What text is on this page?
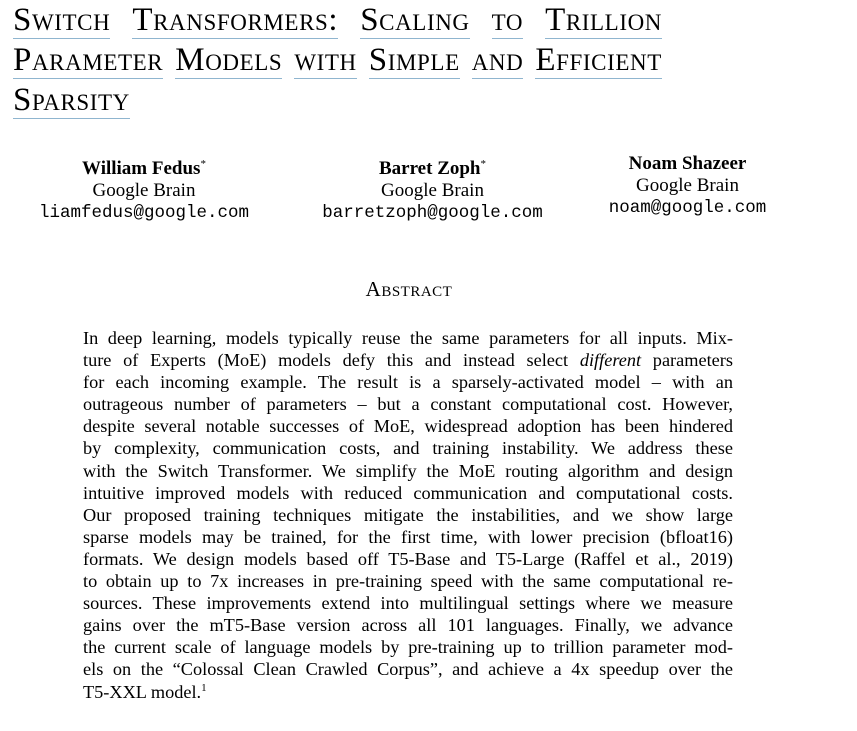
Switch Transformers: Scaling to Trillion
Parameter Models with Simple and Efficient
Sparsity
William Fedus*
Google Brain
liamfedus@google.com
Barret Zoph*
Google Brain
barretzoph@google.com
Noam Shazeer
Google Brain
noam@google.com
Abstract
In deep learning, models typically reuse the same parameters for all inputs. Mix-
ture of Experts (MoE) models defy this and instead select different parameters
for each incoming example. The result is a sparsely-activated model – with an
outrageous number of parameters – but a constant computational cost. However,
despite several notable successes of MoE, widespread adoption has been hindered
by complexity, communication costs, and training instability. We address these
with the Switch Transformer. We simplify the MoE routing algorithm and design
intuitive improved models with reduced communication and computational costs.
Our proposed training techniques mitigate the instabilities, and we show large
sparse models may be trained, for the first time, with lower precision (bfloat16)
formats. We design models based off T5-Base and T5-Large (Raffel et al., 2019)
to obtain up to 7x increases in pre-training speed with the same computational re-
sources. These improvements extend into multilingual settings where we measure
gains over the mT5-Base version across all 101 languages. Finally, we advance
the current scale of language models by pre-training up to trillion parameter mod-
els on the “Colossal Clean Crawled Corpus”, and achieve a 4x speedup over the
T5-XXL model.$^1$
